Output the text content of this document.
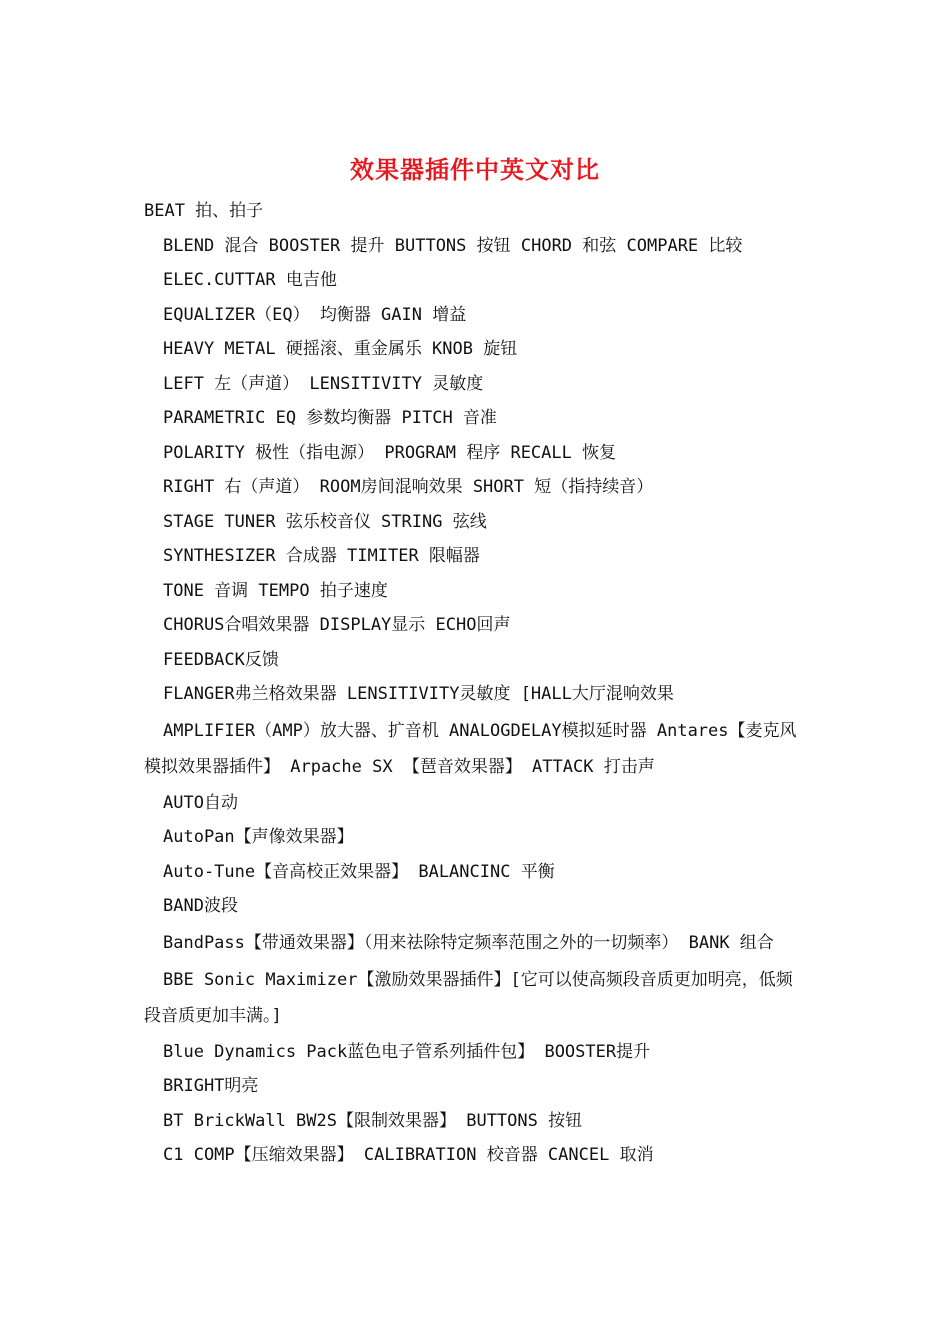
效果器插件中英文对比
BEAT 拍、拍子
BLEND 混合 BOOSTER 提升 BUTTONS 按钮 CHORD 和弦 COMPARE 比较
ELEC.CUTTAR 电吉他
EQUALIZER（EQ） 均衡器 GAIN 增益
HEAVY METAL 硬摇滚、重金属乐 KNOB 旋钮
LEFT 左（声道） LENSITIVITY 灵敏度
PARAMETRIC EQ 参数均衡器 PITCH 音准
POLARITY 极性（指电源） PROGRAM 程序 RECALL 恢复
RIGHT 右（声道） ROOM房间混响效果 SHORT 短（指持续音）
STAGE TUNER 弦乐校音仪 STRING 弦线
SYNTHESIZER 合成器 TIMITER 限幅器
TONE 音调 TEMPO 拍子速度
CHORUS合唱效果器 DISPLAY显示 ECHO回声
FEEDBACK反馈
FLANGER弗兰格效果器 LENSITIVITY灵敏度 [HALL大厅混响效果
AMPLIFIER（AMP）放大器、扩音机 ANALOGDELAY模拟延时器 Antares【麦克风模拟效果器插件】 Arpache SX 【琶音效果器】 ATTACK 打击声
AUTO自动
AutoPan【声像效果器】
Auto-Tune【音高校正效果器】 BALANCINC 平衡
BAND波段
BandPass【带通效果器】（用来祛除特定频率范围之外的一切频率） BANK 组合
BBE Sonic Maximizer【激励效果器插件】[它可以使高频段音质更加明亮，低频段音质更加丰满。]
Blue Dynamics Pack蓝色电子管系列插件包】 BOOSTER提升
BRIGHT明亮
BT BrickWall BW2S【限制效果器】 BUTTONS 按钮
C1 COMP【压缩效果器】 CALIBRATION 校音器 CANCEL 取消
